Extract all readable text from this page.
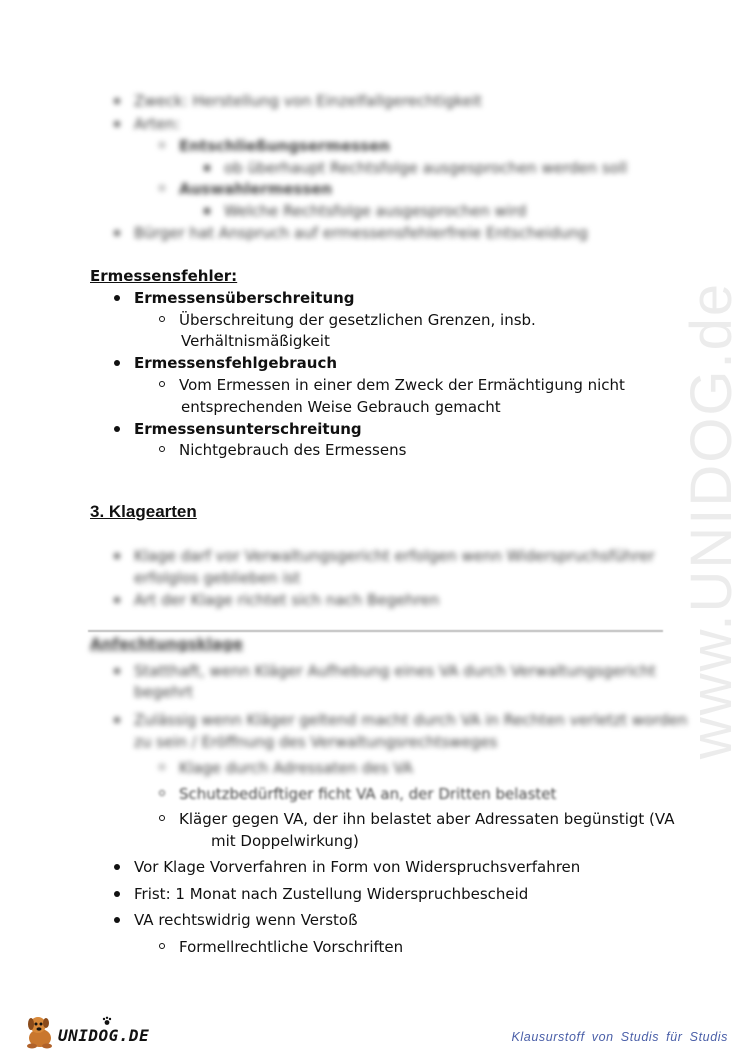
www.UNIDOG.de
Zweck: Herstellung von Einzelfallgerechtigkeit
Arten:
Entschließungsermessen
ob überhaupt Rechtsfolge ausgesprochen werden soll
Auswahlermessen
Welche Rechtsfolge ausgesprochen wird
Bürger hat Anspruch auf ermessensfehlerfreie Entscheidung
Ermessensfehler:
Ermessensüberschreitung
Überschreitung der gesetzlichen Grenzen, insb.
Verhältnismäßigkeit
Ermessensfehlgebrauch
Vom Ermessen in einer dem Zweck der Ermächtigung nicht
entsprechenden Weise Gebrauch gemacht
Ermessensunterschreitung
Nichtgebrauch des Ermessens
3. Klagearten
Klage darf vor Verwaltungsgericht erfolgen wenn Widerspruchsführer
erfolglos geblieben ist
Art der Klage richtet sich nach Begehren
Anfechtungsklage
Statthaft, wenn Kläger Aufhebung eines VA durch Verwaltungsgericht
begehrt
Zulässig wenn Kläger geltend macht durch VA in Rechten verletzt worden
zu sein / Eröffnung des Verwaltungsrechtsweges
Klage durch Adressaten des VA
Schutzbedürftiger ficht VA an, der Dritten belastet
Kläger gegen VA, der ihn belastet aber Adressaten begünstigt (VA
mit Doppelwirkung)
Vor Klage Vorverfahren in Form von Widerspruchsverfahren
Frist: 1 Monat nach Zustellung Widerspruchbescheid
VA rechtswidrig wenn Verstoß
Formellrechtliche Vorschriften
UNIDOG.DE	Klausurstoff von Studis für Studis
